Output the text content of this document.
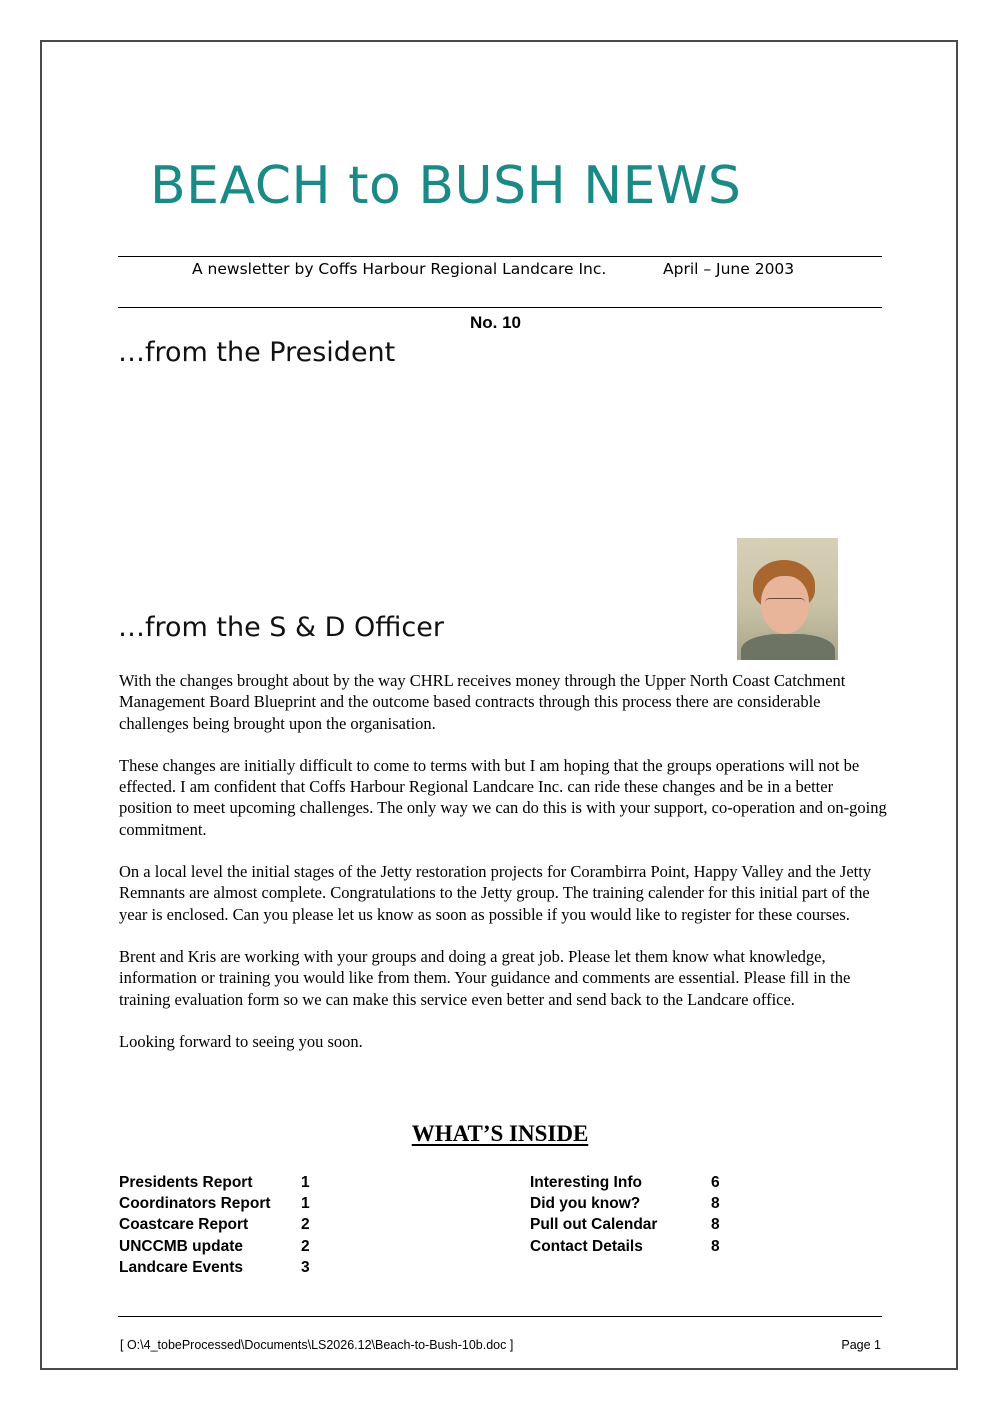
BEACH to BUSH NEWS
A newsletter by Coffs Harbour Regional Landcare Inc.	April – June 2003
No. 10
…from the President
…from the S & D Officer

With the changes brought about by the way CHRL receives money through the Upper North Coast Catchment Management Board Blueprint and the outcome based contracts through this process there are considerable challenges being brought upon the organisation.

These changes are initially difficult to come to terms with but I am hoping that the groups operations will not be effected. I am confident that Coffs Harbour Regional Landcare Inc. can ride these changes and be in a better position to meet upcoming challenges. The only way we can do this is with your support, co-operation and on-going commitment.

On a local level the initial stages of the Jetty restoration projects for Corambirra Point, Happy Valley and the Jetty Remnants are almost complete. Congratulations to the Jetty group. The training calender for this initial part of the year is enclosed. Can you please let us know as soon as possible if you would like to register for these courses.

Brent and Kris are working with your groups and doing a great job. Please let them know what knowledge, information or training you would like from them. Your guidance and comments are essential. Please fill in the training evaluation form so we can make this service even better and send back to the Landcare office.

Looking forward to seeing you soon.

WHAT’S INSIDE
Presidents Report	1
Coordinators Report 1
Coastcare Report	2
UNCCMB update	2
Landcare Events	3
Interesting Info	6
Did you know?	8
Pull out Calendar	8
Contact Details	8
[ O:\4_tobeProcessed\Documents\LS2026.12\Beach-to-Bush-10b.doc ]	Page 1
